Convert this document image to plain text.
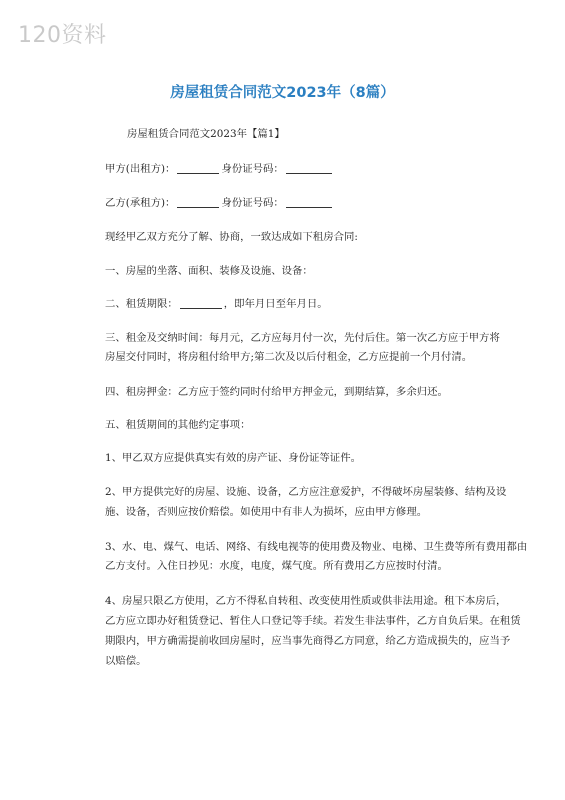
120资料
房屋租赁合同范文2023年（8篇）
房屋租赁合同范文2023年【篇1】
甲方(出租方)：	身份证号码：
乙方(承租方)：	身份证号码：
现经甲乙双方充分了解、协商，一致达成如下租房合同:
一、房屋的坐落、面积、装修及设施、设备：
二、租赁期限：	，即年月日至年月日。
三、租金及交纳时间：每月元，乙方应每月付一次，先付后住。第一次乙方应于甲方将
房屋交付同时，将房租付给甲方;第二次及以后付租金，乙方应提前一个月付清。
四、租房押金：乙方应于签约同时付给甲方押金元，到期结算，多余归还。
五、租赁期间的其他约定事项：
1、甲乙双方应提供真实有效的房产证、身份证等证件。
2、甲方提供完好的房屋、设施、设备，乙方应注意爱护，不得破坏房屋装修、结构及设
施、设备，否则应按价赔偿。如使用中有非人为损坏，应由甲方修理。
3、水、电、煤气、电话、网络、有线电视等的使用费及物业、电梯、卫生费等所有费用都由
乙方支付。入住日抄见：水度，电度，煤气度。所有费用乙方应按时付清。
4、房屋只限乙方使用，乙方不得私自转租、改变使用性质或供非法用途。租下本房后，
乙方应立即办好租赁登记、暂住人口登记等手续。若发生非法事件，乙方自负后果。在租赁
期限内，甲方确需提前收回房屋时，应当事先商得乙方同意，给乙方造成损失的，应当予
以赔偿。
